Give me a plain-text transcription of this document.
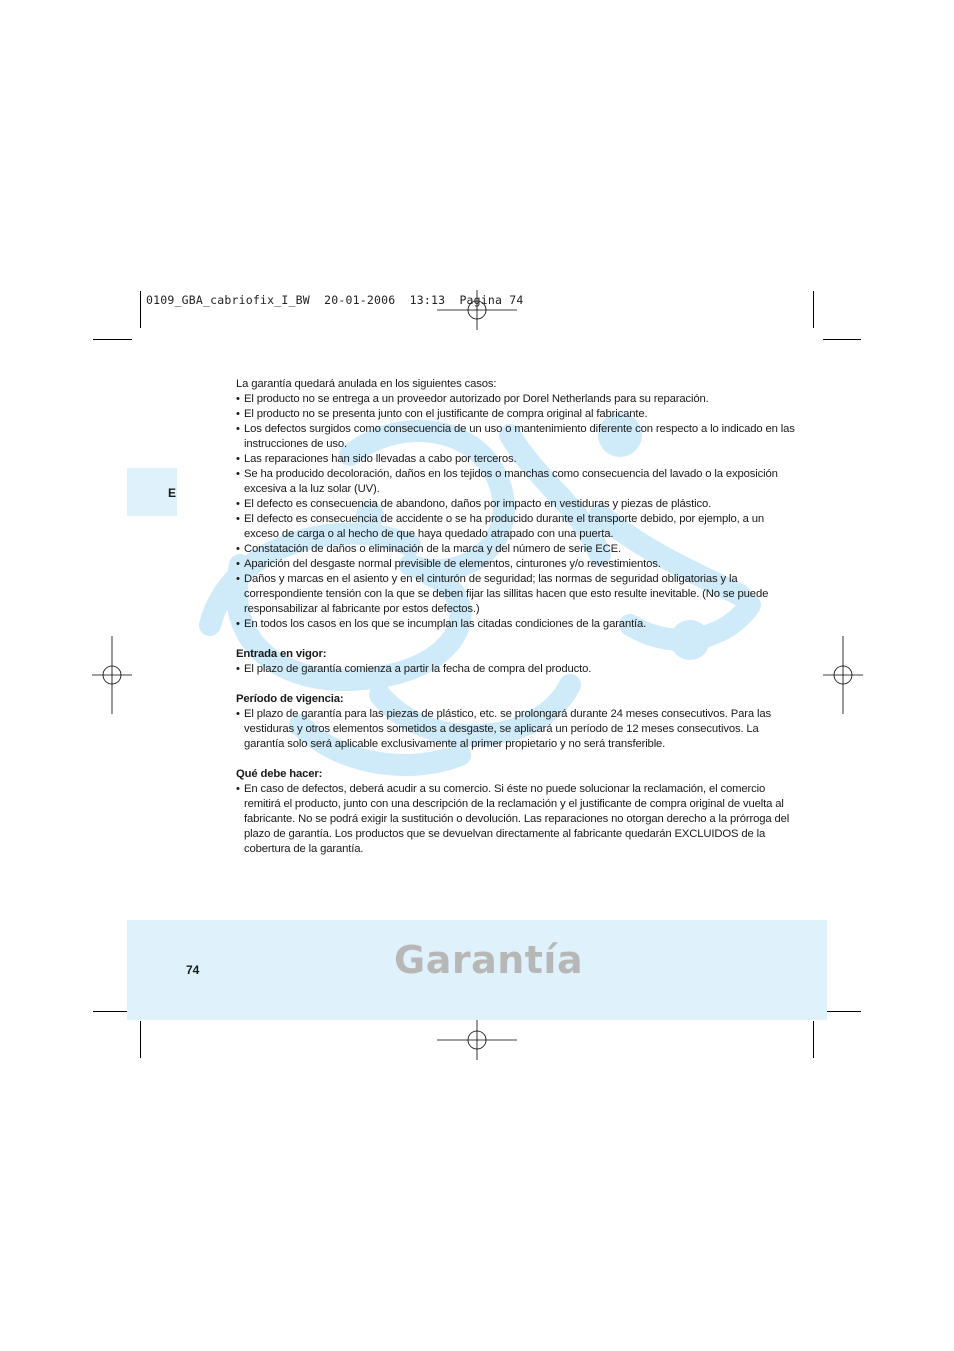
0109_GBA_cabriofix_I_BW  20-01-2006  13:13  Pagina 74
E

La garantía quedará anulada en los siguientes casos:

• El producto no se entrega a un proveedor autorizado por Dorel Netherlands para su reparación.
• El producto no se presenta junto con el justificante de compra original al fabricante.
• Los defectos surgidos como consecuencia de un uso o mantenimiento diferente con respecto a lo indicado en las instrucciones de uso.
• Las reparaciones han sido llevadas a cabo por terceros.
• Se ha producido decoloración, daños en los tejidos o manchas como consecuencia del lavado o la exposición excesiva a la luz solar (UV).
• El defecto es consecuencia de abandono, daños por impacto en vestiduras y piezas de plástico.
• El defecto es consecuencia de accidente o se ha producido durante el transporte debido, por ejemplo, a un exceso de carga o al hecho de que haya quedado atrapado con una puerta.
• Constatación de daños o eliminación de la marca y del número de serie ECE.
• Aparición del desgaste normal previsible de elementos, cinturones y/o revestimientos.
• Daños y marcas en el asiento y en el cinturón de seguridad; las normas de seguridad obligatorias y la correspondiente tensión con la que se deben fijar las sillitas hacen que esto resulte inevitable. (No se puede responsabilizar al fabricante por estos defectos.)
• En todos los casos en los que se incumplan las citadas condiciones de la garantía.
Entrada en vigor:
• El plazo de garantía comienza a partir la fecha de compra del producto.
Período de vigencia:
• El plazo de garantía para las piezas de plástico, etc. se prolongará durante 24 meses consecutivos. Para las vestiduras y otros elementos sometidos a desgaste, se aplicará un período de 12 meses consecutivos. La garantía solo será aplicable exclusivamente al primer propietario y no será transferible.
Qué debe hacer:
• En caso de defectos, deberá acudir a su comercio. Si éste no puede solucionar la reclamación, el comercio remitirá el producto, junto con una descripción de la reclamación y el justificante de compra original de vuelta al fabricante. No se podrá exigir la sustitución o devolución. Las reparaciones no otorgan derecho a la prórroga del plazo de garantía. Los productos que se devuelvan directamente al fabricante quedarán EXCLUIDOS de la cobertura de la garantía.
74	Garantía
